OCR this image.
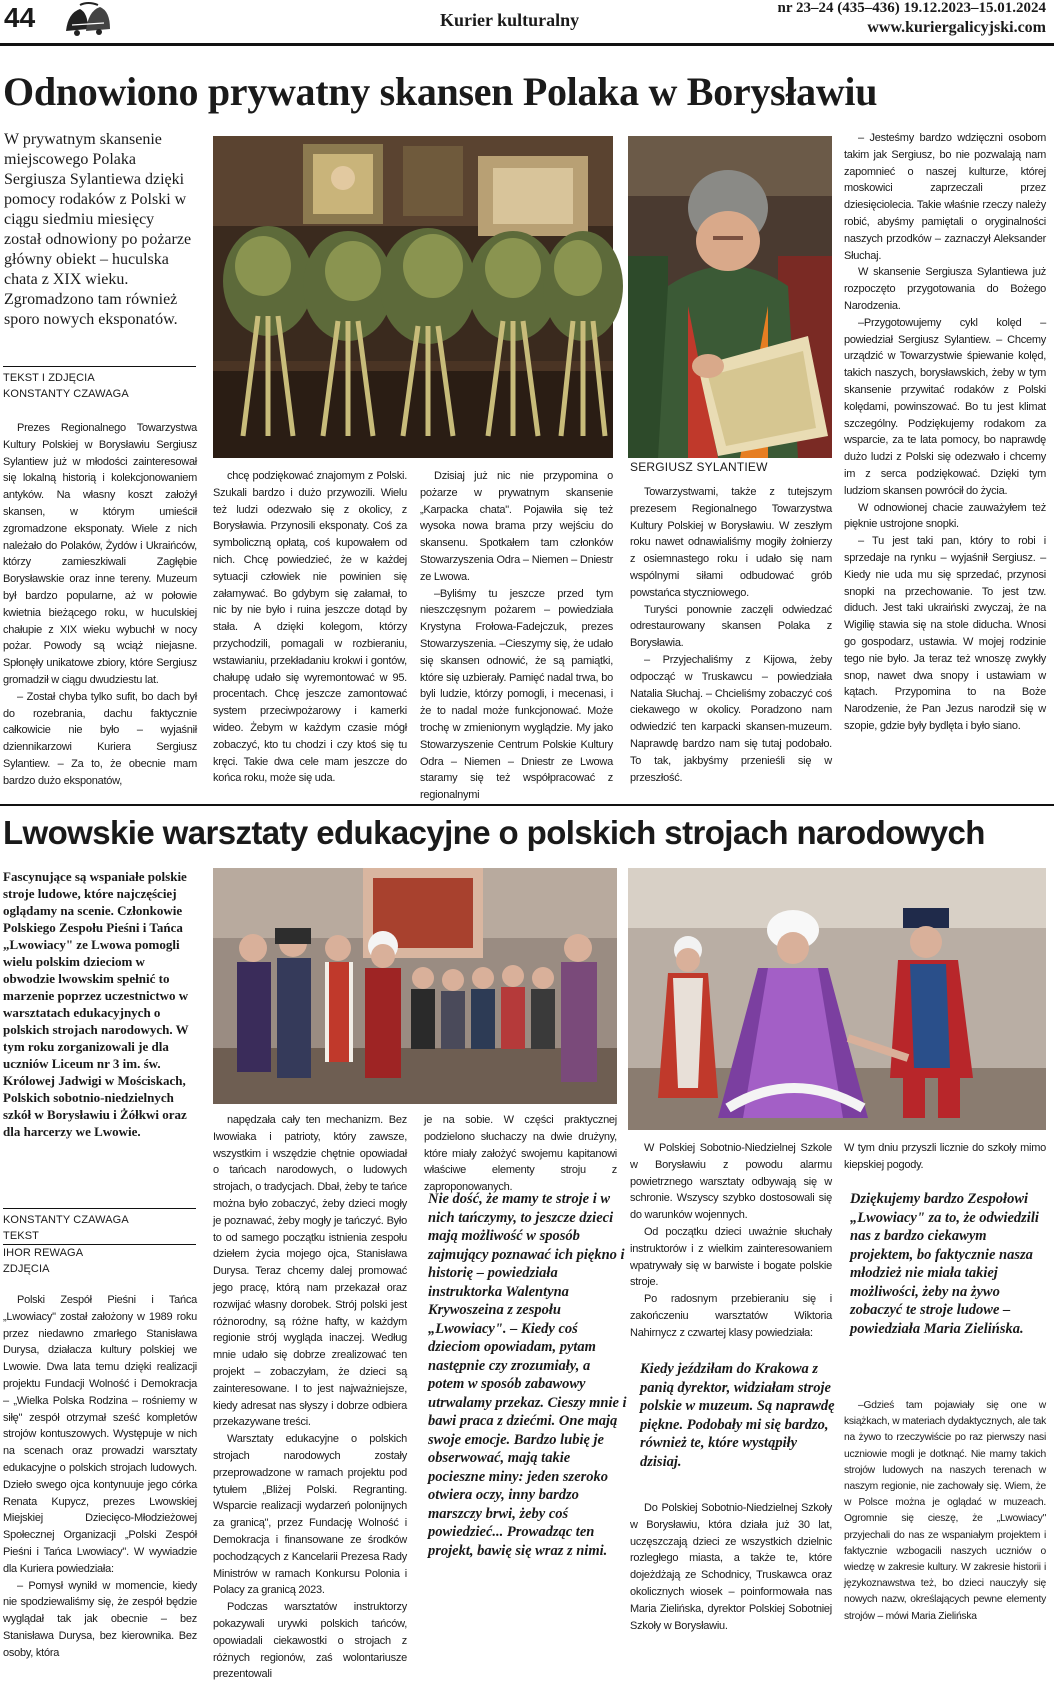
44	Kurier kulturalny
nr 23–24 (435–436) 19.12.2023–15.01.2024
www.kuriergalicyjski.com
Odnowiono prywatny skansen Polaka w Borysławiu
W prywatnym skansenie miejscowego Polaka Sergiusza Sylantiewa dzięki pomocy rodaków z Polski w ciągu siedmiu miesięcy został odnowiony po pożarze główny obiekt – huculska chata z XIX wieku. Zgromadzono tam również sporo nowych eksponatów.
TEKST I ZDJĘCIA
KONSTANTY CZAWAGA

Prezes Regionalnego Towarzystwa Kultury Polskiej w Borysławiu Sergiusz Sylantiew już w młodości zainteresował się lokalną historią i kolekcjonowaniem antyków. Na własny koszt założył skansen, w którym umieścił zgromadzone eksponaty. Wiele z nich należało do Polaków, Żydów i Ukraińców, którzy zamieszkiwali Zagłębie Borysławskie oraz inne tereny. Muzeum był bardzo popularne, aż w połowie kwietnia bieżącego roku, w huculskiej chałupie z XIX wieku wybuchł w nocy pożar. Powody są wciąż niejasne. Spłonęły unikatowe zbiory, które Sergiusz gromadził w ciągu dwudziestu lat.

– Został chyba tylko sufit, bo dach był do rozebrania, dachu faktycznie całkowicie nie było – wyjaśnił dziennikarzowi Kuriera Sergiusz Sylantiew. – Za to, że obecnie mam bardzo dużo eksponatów,

SERGIUSZ SYLANTIEW

chcę podziękować znajomym z Polski. Szukali bardzo i dużo przywozili. Wielu też ludzi odezwało się z okolicy, z Borysławia. Przynosili eksponaty. Coś za symboliczną opłatą, coś kupowałem od nich. Chcę powiedzieć, że w każdej sytuacji człowiek nie powinien się załamywać. Bo gdybym się załamał, to nic by nie było i ruina jeszcze dotąd by stała. A dzięki kolegom, którzy przychodzili, pomagali w rozbieraniu, wstawianiu, przekładaniu krokwi i gontów, chałupę udało się wyremontować w 95. procentach. Chcę jeszcze zamontować system przeciwpożarowy i kamerki wideo. Żebym w każdym czasie mógł zobaczyć, kto tu chodzi i czy ktoś się tu kręci. Takie dwa cele mam jeszcze do końca roku, może się uda.

Dzisiaj już nic nie przypomina o pożarze w prywatnym skansenie „Karpacka chata". Pojawiła się też wysoka nowa brama przy wejściu do skansenu. Spotkałem tam członków Stowarzyszenia Odra – Niemen – Dniestr ze Lwowa.

–Byliśmy tu jeszcze przed tym nieszczęsnym pożarem – powiedziała Krystyna Frołowa-Fadejczuk, prezes Stowarzyszenia. –Cieszymy się, że udało się skansen odnowić, że są pamiątki, które się uzbierały. Pamięć nadal trwa, bo byli ludzie, którzy pomogli, i mecenasi, i że to nadal może funkcjonować. Może trochę w zmienionym wyglądzie. My jako Stowarzyszenie Centrum Polskie Kultury Odra – Niemen – Dniestr ze Lwowa staramy się też współpracować z regionalnymi

Towarzystwami, także z tutejszym prezesem Regionalnego Towarzystwa Kultury Polskiej w Borysławiu. W zeszłym roku nawet odnawialiśmy mogiły żołnierzy z osiemnastego roku i udało się nam wspólnymi siłami odbudować grób powstańca styczniowego.

Turyści ponownie zaczęli odwiedzać odrestaurowany skansen Polaka z Borysławia.

– Przyjechaliśmy z Kijowa, żeby odpocząć w Truskawcu – powiedziała Natalia Słuchaj. – Chcieliśmy zobaczyć coś ciekawego w okolicy. Poradzono nam odwiedzić ten karpacki skansen-muzeum. Naprawdę bardzo nam się tutaj podobało. To tak, jakbyśmy przenieśli się w przeszłość.

– Jesteśmy bardzo wdzięczni osobom takim jak Sergiusz, bo nie pozwalają nam zapomnieć o naszej kulturze, której moskowici zaprzeczali przez dziesięciolecia. Takie właśnie rzeczy należy robić, abyśmy pamiętali o oryginalności naszych przodków – zaznaczył Aleksander Słuchaj.

W skansenie Sergiusza Sylantiewa już rozpoczęto przygotowania do Bożego Narodzenia.

–Przygotowujemy cykl kolęd – powiedział Sergiusz Sylantiew. – Chcemy urządzić w Towarzystwie śpiewanie kolęd, takich naszych, borysławskich, żeby w tym skansenie przywitać rodaków z Polski kolędami, powinszować. Bo tu jest klimat szczególny. Podziękujemy rodakom za wsparcie, za te lata pomocy, bo naprawdę dużo ludzi z Polski się odezwało i chcemy im z serca podziękować. Dzięki tym ludziom skansen powrócił do życia.

W odnowionej chacie zauważyłem też pięknie ustrojone snopki.

– Tu jest taki pan, który to robi i sprzedaje na rynku – wyjaśnił Sergiusz. – Kiedy nie uda mu się sprzedać, przynosi snopki na przechowanie. To jest tzw. diduch. Jest taki ukraiński zwyczaj, że na Wigilię stawia się na stole diducha. Wnosi go gospodarz, ustawia. W mojej rodzinie tego nie było. Ja teraz też wnoszę zwykły snop, nawet dwa snopy i ustawiam w kątach. Przypomina to na Boże Narodzenie, że Pan Jezus narodził się w szopie, gdzie były bydlęta i było siano.

Lwowskie warsztaty edukacyjne o polskich strojach narodowych
Fascynujące są wspaniałe polskie stroje ludowe, które najczęściej oglądamy na scenie. Członkowie Polskiego Zespołu Pieśni i Tańca „Lwowiacy" ze Lwowa pomogli wielu polskim dzieciom w obwodzie lwowskim spełnić to marzenie poprzez uczestnictwo w warsztatach edukacyjnych o polskich strojach narodowych. W tym roku zorganizowali je dla uczniów Liceum nr 3 im. św. Królowej Jadwigi w Mościskach, Polskich sobotnio-niedzielnych szkół w Borysławiu i Żółkwi oraz dla harcerzy we Lwowie.
KONSTANTY CZAWAGA
TEKST
IHOR REWAGA
ZDJĘCIA

Polski Zespół Pieśni i Tańca „Lwowiacy" został założony w 1989 roku przez niedawno zmarłego Stanisława Durysa, działacza kultury polskiej we Lwowie. Dwa lata temu dzięki realizacji projektu Fundacji Wolność i Demokracja – „Wielka Polska Rodzina – rośniemy w siłę" zespół otrzymał sześć kompletów strojów kontuszowych. Występuje w nich na scenach oraz prowadzi warsztaty edukacyjne o polskich strojach ludowych. Dzieło swego ojca kontynuuje jego córka Renata Kupycz, prezes Lwowskiej Miejskiej Dziecięco-Młodzieżowej Społecznej Organizacji „Polski Zespół Pieśni i Tańca Lwowiacy". W wywiadzie dla Kuriera powiedziała:

– Pomysł wynikł w momencie, kiedy nie spodziewaliśmy się, że zespół będzie wyglądał tak jak obecnie – bez Stanisława Durysa, bez kierownika. Bez osoby, która

napędzała cały ten mechanizm. Bez Iwowiaka i patrioty, który zawsze, wszystkim i wszędzie chętnie opowiadał o tańcach narodowych, o ludowych strojach, o tradycjach. Dbał, żeby te tańce można było zobaczyć, żeby dzieci mogły je poznawać, żeby mogły je tańczyć. Było to od samego początku istnienia zespołu dziełem życia mojego ojca, Stanisława Durysa. Teraz chcemy dalej promować jego pracę, którą nam przekazał oraz rozwijać własny dorobek. Strój polski jest różnorodny, są różne hafty, w każdym regionie strój wygląda inaczej. Według mnie udało się dobrze zrealizować ten projekt – zobaczyłam, że dzieci są zainteresowane. I to jest najważniejsze, kiedy adresat nas słyszy i dobrze odbiera przekazywane treści.

Warsztaty edukacyjne o polskich strojach narodowych zostały przeprowadzone w ramach projektu pod tytułem „Bliżej Polski. Regranting. Wsparcie realizacji wydarzeń polonijnych za granicą", przez Fundację Wolność i Demokracja i finansowane ze środków pochodzących z Kancelarii Prezesa Rady Ministrów w ramach Konkursu Polonia i Polacy za granicą 2023.

Podczas warsztatów instruktorzy pokazywali urywki polskich tańców, opowiadali ciekawostki o strojach z różnych regionów, zaś wolontariusze prezentowali

je na sobie. W części praktycznej podzielono słuchaczy na dwie drużyny, które miały założyć swojemu kapitanowi właściwe elementy stroju z zaproponowanych.

Nie dość, że mamy te stroje i w nich tańczymy, to jeszcze dzieci mają możliwość w sposób zajmujący poznawać ich piękno i historię – powiedziała instruktorka Walentyna Krywoszeina z zespołu „Lwowiacy". – Kiedy coś dzieciom opowiadam, pytam następnie czy zrozumiały, a potem w sposób zabawowy utrwalamy przekaz. Cieszy mnie i bawi praca z dziećmi. One mają swoje emocje. Bardzo lubię je obserwować, mają takie pocieszne miny: jeden szeroko otwiera oczy, inny bardzo marszczy brwi, żeby coś powiedzieć... Prowadząc ten projekt, bawię się wraz z nimi.

W Polskiej Sobotnio-Niedzielnej Szkole w Borysławiu z powodu alarmu powietrznego warsztaty odbywają się w schronie. Wszyscy szybko dostosowali się do warunków wojennych.

Od początku dzieci uważnie słuchały instruktorów i z wielkim zainteresowaniem wpatrywały się w barwiste i bogate polskie stroje.

Po radosnym przebieraniu się i zakończeniu warsztatów Wiktoria Nahirnycz z czwartej klasy powiedziała:

Kiedy jeździłam do Krakowa z panią dyrektor, widziałam stroje polskie w muzeum. Są naprawdę piękne. Podobały mi się bardzo, również te, które wystąpiły dzisiaj.

Do Polskiej Sobotnio-Niedzielnej Szkoły w Borysławiu, która działa już 30 lat, uczęszczają dzieci ze wszystkich dzielnic rozległego miasta, a także te, które dojeżdżają ze Schodnicy, Truskawca oraz okolicznych wiosek – poinformowała nas Maria Zielińska, dyrektor Polskiej Sobotniej Szkoły w Borysławiu.

W tym dniu przyszli licznie do szkoły mimo kiepskiej pogody.

Dziękujemy bardzo Zespołowi „Lwowiacy" za to, że odwiedzili nas z bardzo ciekawym projektem, bo faktycznie nasza młodzież nie miała takiej możliwości, żeby na żywo zobaczyć te stroje ludowe – powiedziała Maria Zielińska.

–Gdzieś tam pojawiały się one w książkach, w materiach dydaktycznych, ale tak na żywo to rzeczywiście po raz pierwszy nasi uczniowie mogli je dotknąć. Nie mamy takich strojów ludowych na naszych terenach w naszym regionie, nie zachowały się. Wiem, że w Polsce można je oglądać w muzeach. Ogromnie się cieszę, że „Lwowiacy" przyjechali do nas ze wspaniałym projektem i faktycznie wzbogacili naszych uczniów o wiedzę w zakresie kultury. W zakresie historii i językoznawstwa też, bo dzieci nauczyły się nowych nazw, określających pewne elementy strojów – mówi Maria Zielińska
